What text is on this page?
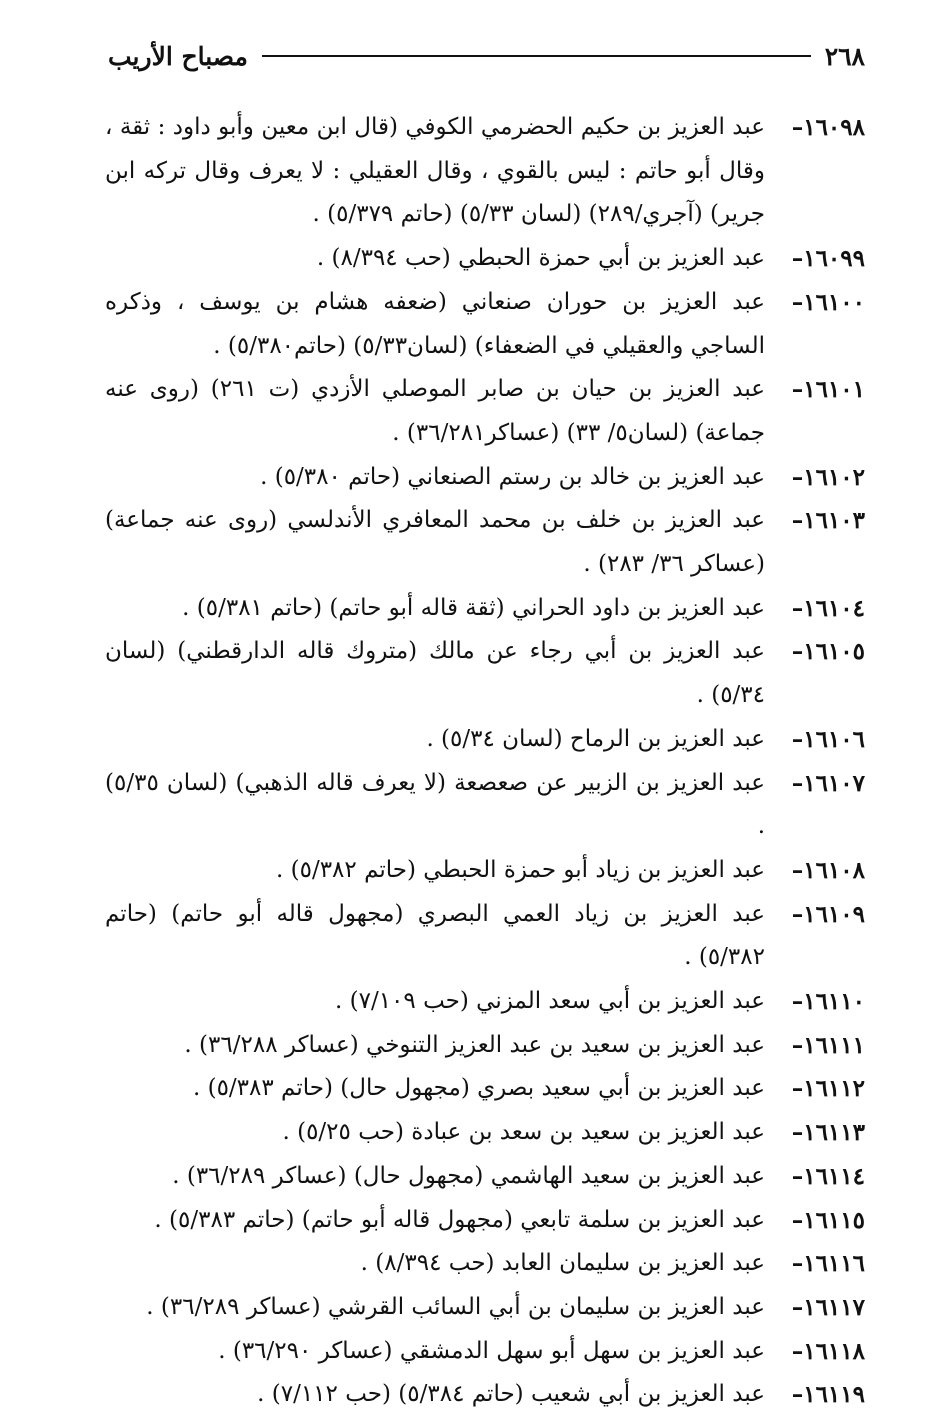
٢٦٨
مصباح الأريب
١٦٠٩٨–
عبد العزيز بن حكيم الحضرمي الكوفي (قال ابن معين وأبو داود : ثقة ، وقال أبو حاتم : ليس بالقوي ، وقال العقيلي : لا يعرف وقال تركه ابن جرير) (آجري/٢٨٩) (لسان ٥/٣٣) (حاتم ٥/٣٧٩) .
١٦٠٩٩–
عبد العزيز بن أبي حمزة الحبطي (حب ٨/٣٩٤) .
١٦١٠٠–
عبد العزيز بن حوران صنعاني (ضعفه هشام بن يوسف ، وذكره الساجي والعقيلي في الضعفاء) (لسان٥/٣٣) (حاتم٥/٣٨٠) .
١٦١٠١–
عبد العزيز بن حيان بن صابر الموصلي الأزدي (ت ٢٦١) (روى عنه جماعة) (لسان٥/ ٣٣) (عساكر٣٦/٢٨١) .
١٦١٠٢–
عبد العزيز بن خالد بن رستم الصنعاني (حاتم ٥/٣٨٠) .
١٦١٠٣–
عبد العزيز بن خلف بن محمد المعافري الأندلسي (روى عنه جماعة) (عساكر ٣٦/ ٢٨٣) .
١٦١٠٤–
عبد العزيز بن داود الحراني (ثقة قاله أبو حاتم) (حاتم ٥/٣٨١) .
١٦١٠٥–
عبد العزيز بن أبي رجاء عن مالك (متروك قاله الدارقطني) (لسان ٥/٣٤) .
١٦١٠٦–
عبد العزيز بن الرماح (لسان ٥/٣٤) .
١٦١٠٧–
عبد العزيز بن الزبير عن صعصعة (لا يعرف قاله الذهبي) (لسان ٥/٣٥) .
١٦١٠٨–
عبد العزيز بن زياد أبو حمزة الحبطي (حاتم ٥/٣٨٢) .
١٦١٠٩–
عبد العزيز بن زياد العمي البصري (مجهول قاله أبو حاتم) (حاتم ٥/٣٨٢) .
١٦١١٠–
عبد العزيز بن أبي سعد المزني (حب ٧/١٠٩) .
١٦١١١–
عبد العزيز بن سعيد بن عبد العزيز التنوخي (عساكر ٣٦/٢٨٨) .
١٦١١٢–
عبد العزيز بن أبي سعيد بصري (مجهول حال) (حاتم ٥/٣٨٣) .
١٦١١٣–
عبد العزيز بن سعيد بن سعد بن عبادة (حب ٥/٢٥) .
١٦١١٤–
عبد العزيز بن سعيد الهاشمي (مجهول حال) (عساكر ٣٦/٢٨٩) .
١٦١١٥–
عبد العزيز بن سلمة تابعي (مجهول قاله أبو حاتم) (حاتم ٥/٣٨٣) .
١٦١١٦–
عبد العزيز بن سليمان العابد (حب ٨/٣٩٤) .
١٦١١٧–
عبد العزيز بن سليمان بن أبي السائب القرشي (عساكر ٣٦/٢٨٩) .
١٦١١٨–
عبد العزيز بن سهل أبو سهل الدمشقي (عساكر ٣٦/٢٩٠) .
١٦١١٩–
عبد العزيز بن أبي شعيب (حاتم ٥/٣٨٤) (حب ٧/١١٢) .
